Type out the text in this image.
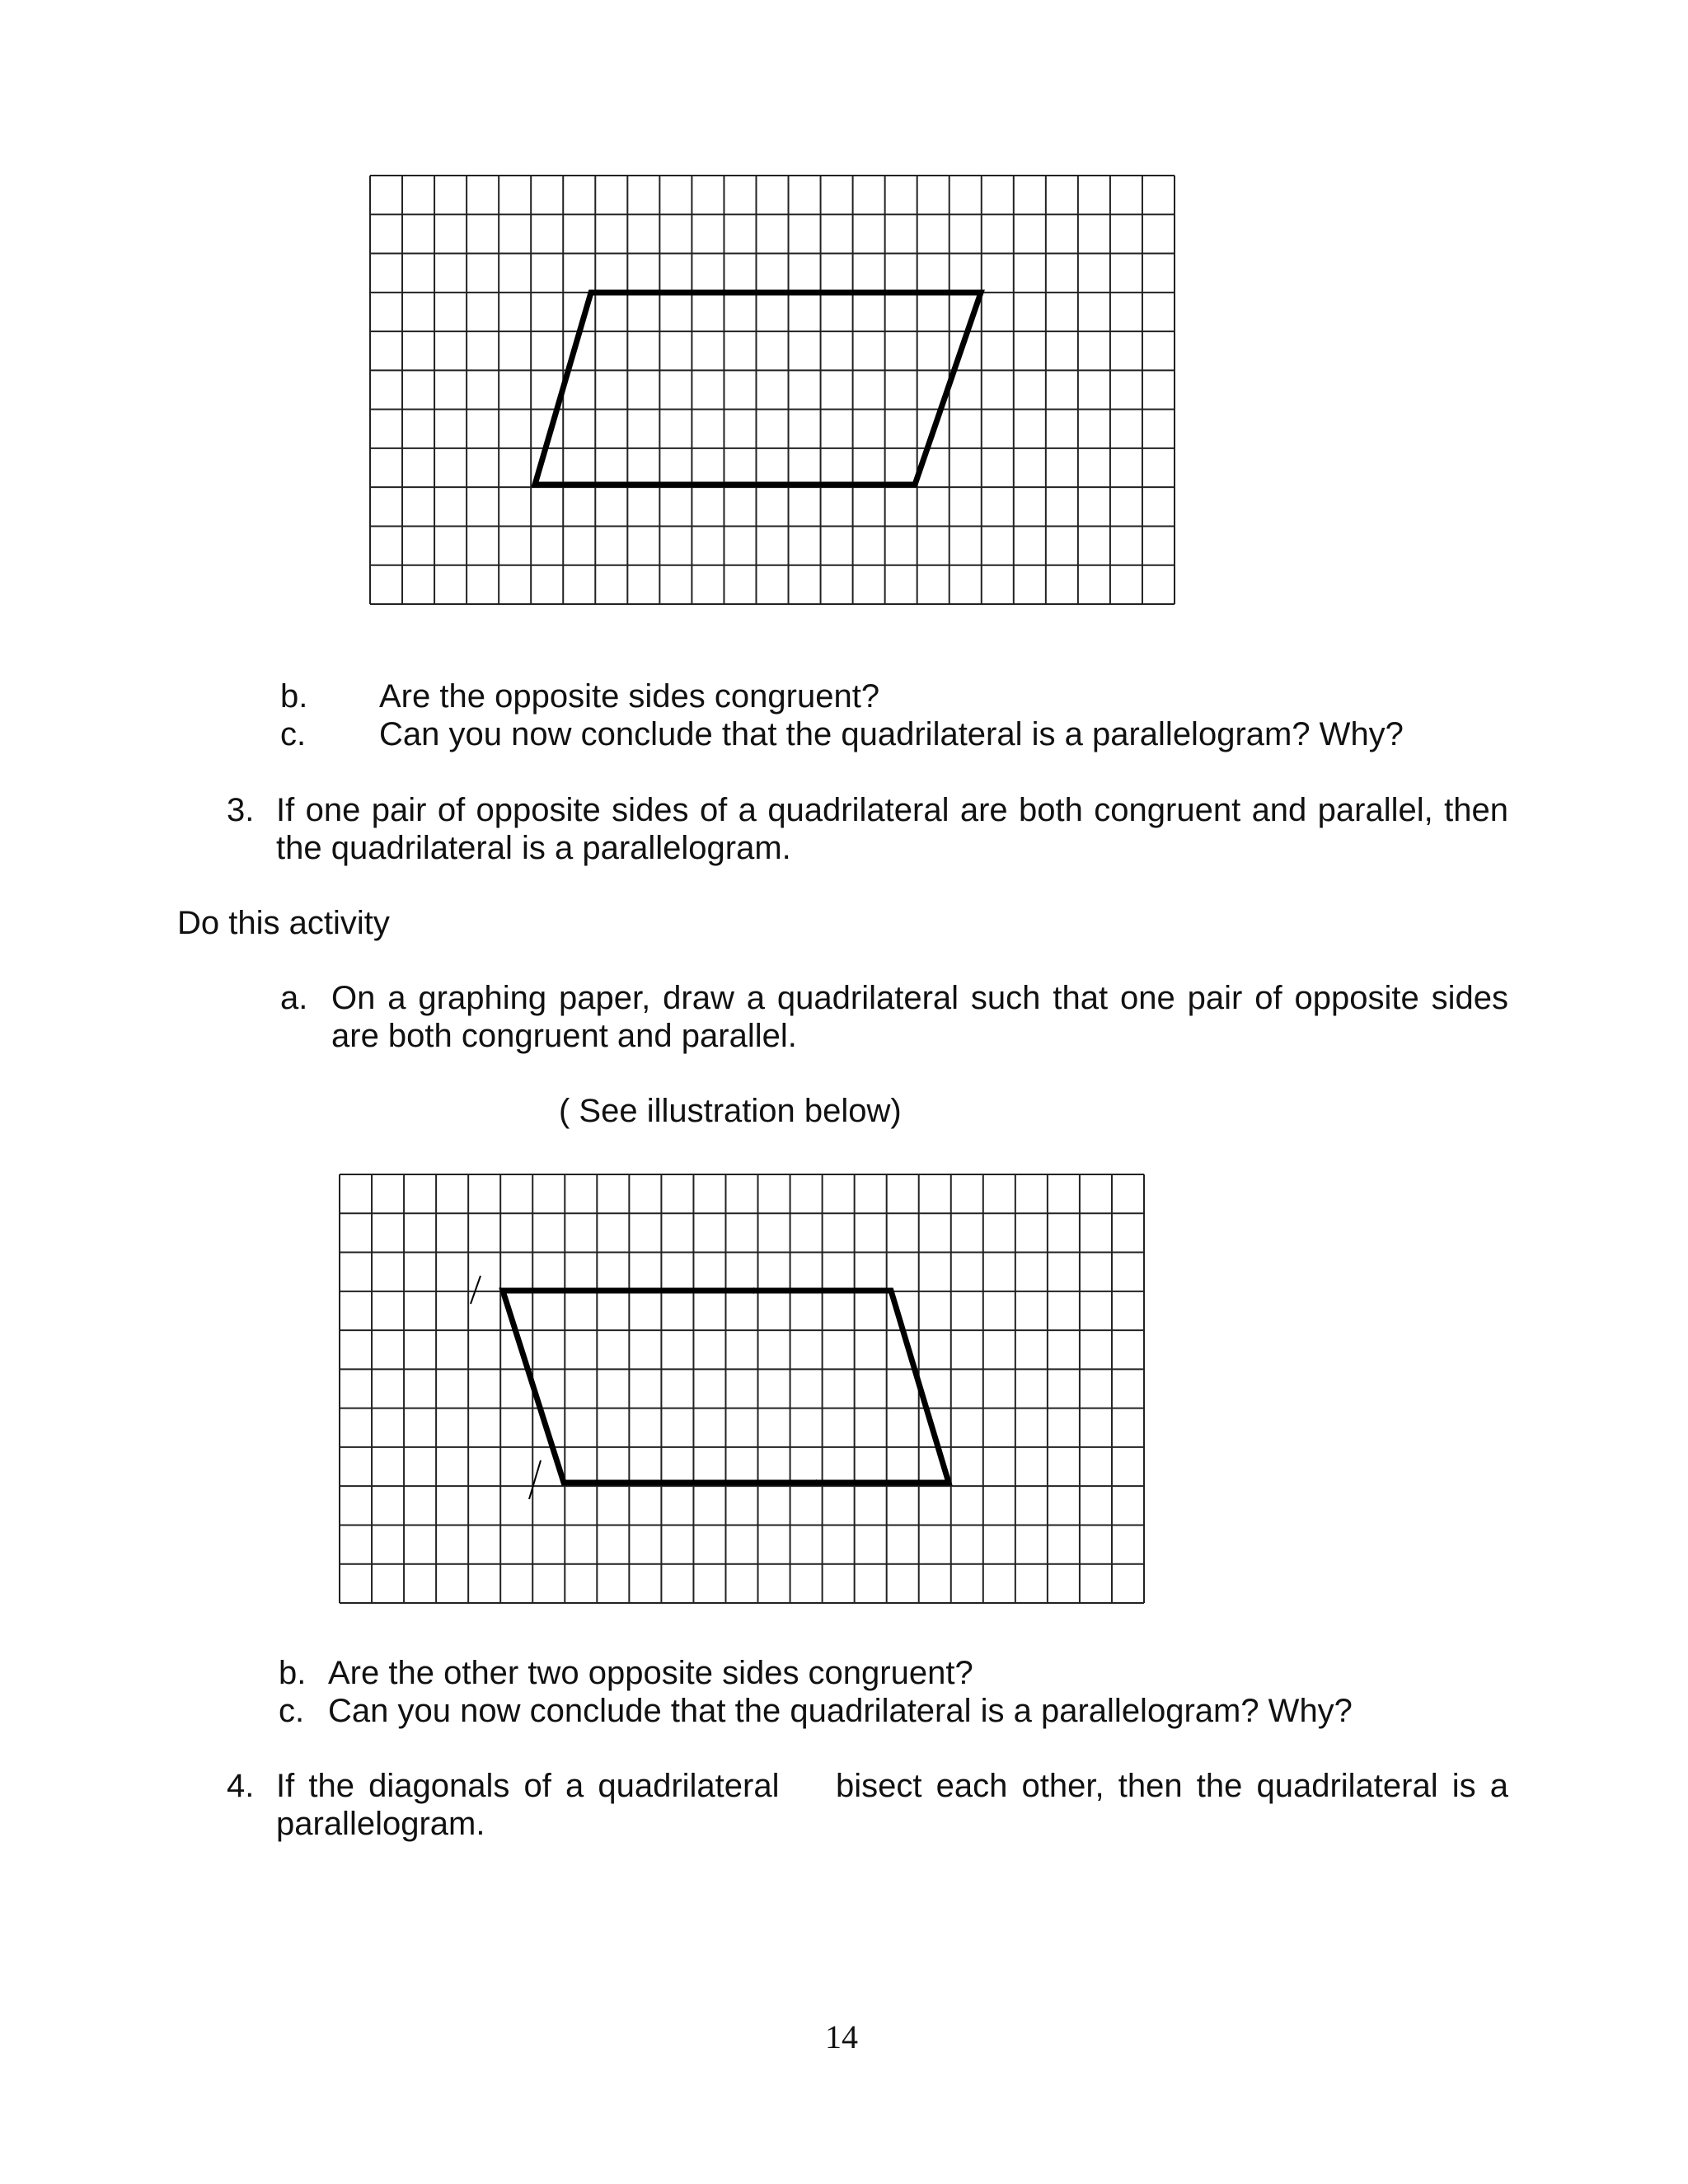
b. Are the opposite sides congruent?
c. Can you now conclude that the quadrilateral is a parallelogram? Why?
3. If one pair of opposite sides of a quadrilateral are both congruent and parallel, then
the quadrilateral is a parallelogram.
Do this activity
a. On a graphing paper, draw a quadrilateral such that one pair of opposite sides
are both congruent and parallel.
( See illustration below)
b. Are the other two opposite sides congruent?
c. Can you now conclude that the quadrilateral is a parallelogram? Why?
4. If the diagonals of a quadrilateral    bisect each other, then the quadrilateral is a
parallelogram.
14
